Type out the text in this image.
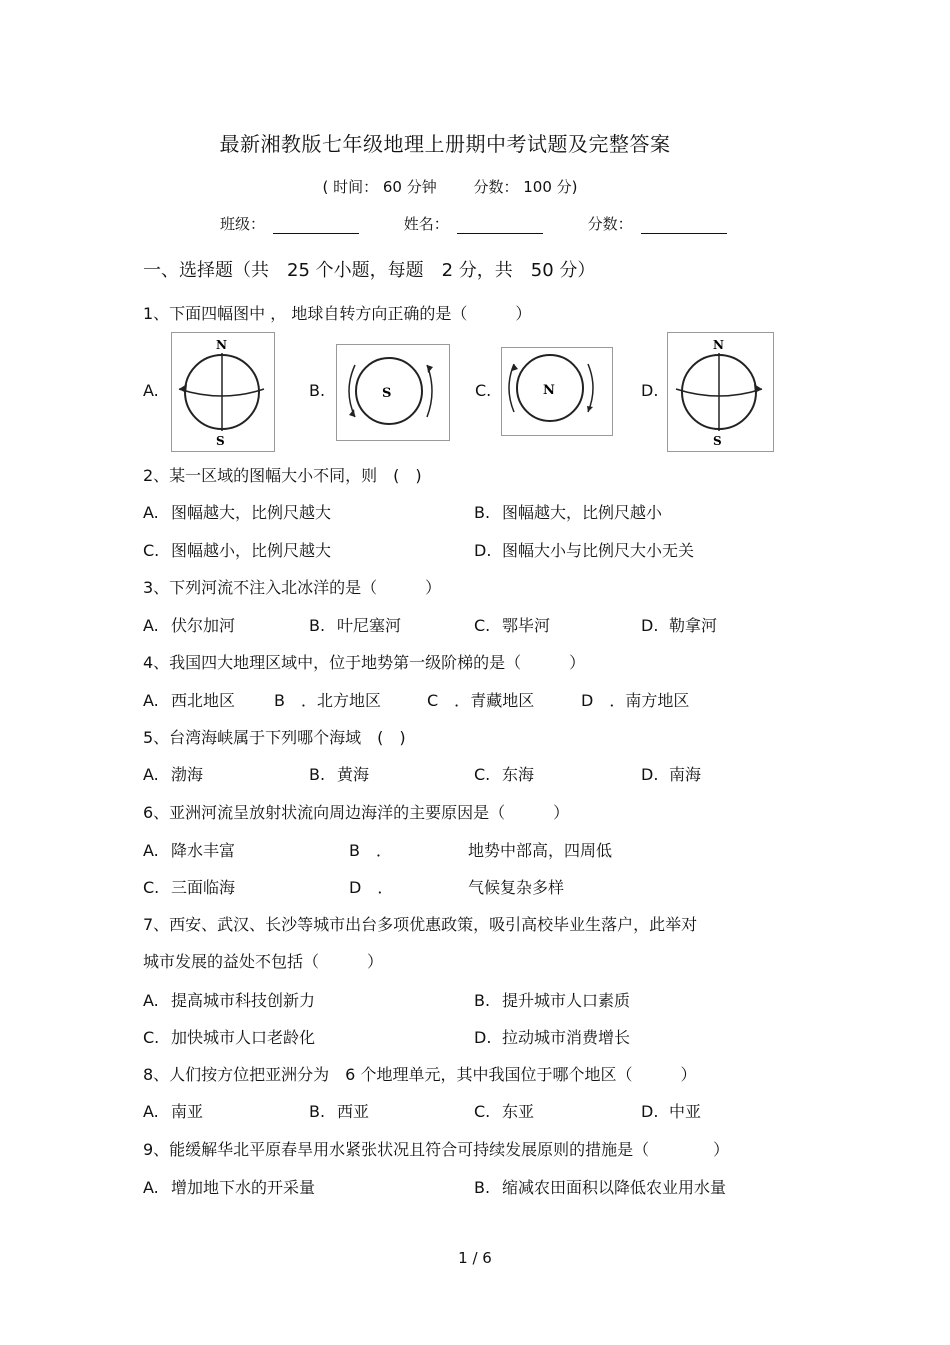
最新湘教版七年级地理上册期中考试题及完整答案
( 时间： 60 分钟 分数： 100 分)
班级：	姓名：	分数：
一、选择题（共　25 个小题，每题　2 分，共　50 分）
1、下面四幅图中 ， 地球自转方向正确的是（　　　）
A.
N
S
B.	S	C.	N	D.
N
S
2、某一区域的图幅大小不同，则　(　)
A. 图幅越大，比例尺越大	B. 图幅越大，比例尺越小
C. 图幅越小，比例尺越大	D. 图幅大小与比例尺大小无关
3、下列河流不注入北冰洋的是（　　　）
A. 伏尔加河	B. 叶尼塞河	C. 鄂毕河	D. 勒拿河
4、我国四大地理区域中，位于地势第一级阶梯的是（　　　）
A. 西北地区 B　．北方地区	C　．青藏地区	D　．南方地区
5、台湾海峡属于下列哪个海域　(　)
A. 渤海	B. 黄海	C. 东海	D. 南海
6、亚洲河流呈放射状流向周边海洋的主要原因是（　　　）
A. 降水丰富	B　．	地势中部高，四周低
C. 三面临海	D　．	气候复杂多样
7、西安、武汉、长沙等城市出台多项优惠政策，吸引高校毕业生落户，此举对
城市发展的益处不包括（　　　）
A. 提高城市科技创新力	B. 提升城市人口素质
C. 加快城市人口老龄化	D. 拉动城市消费增长
8、人们按方位把亚洲分为　6 个地理单元，其中我国位于哪个地区（　　　）
A. 南亚	B. 西亚	C. 东亚	D. 中亚
9、能缓解华北平原春旱用水紧张状况且符合可持续发展原则的措施是（　　　　）
A. 增加地下水的开采量	B. 缩减农田面积以降低农业用水量
1 / 6
